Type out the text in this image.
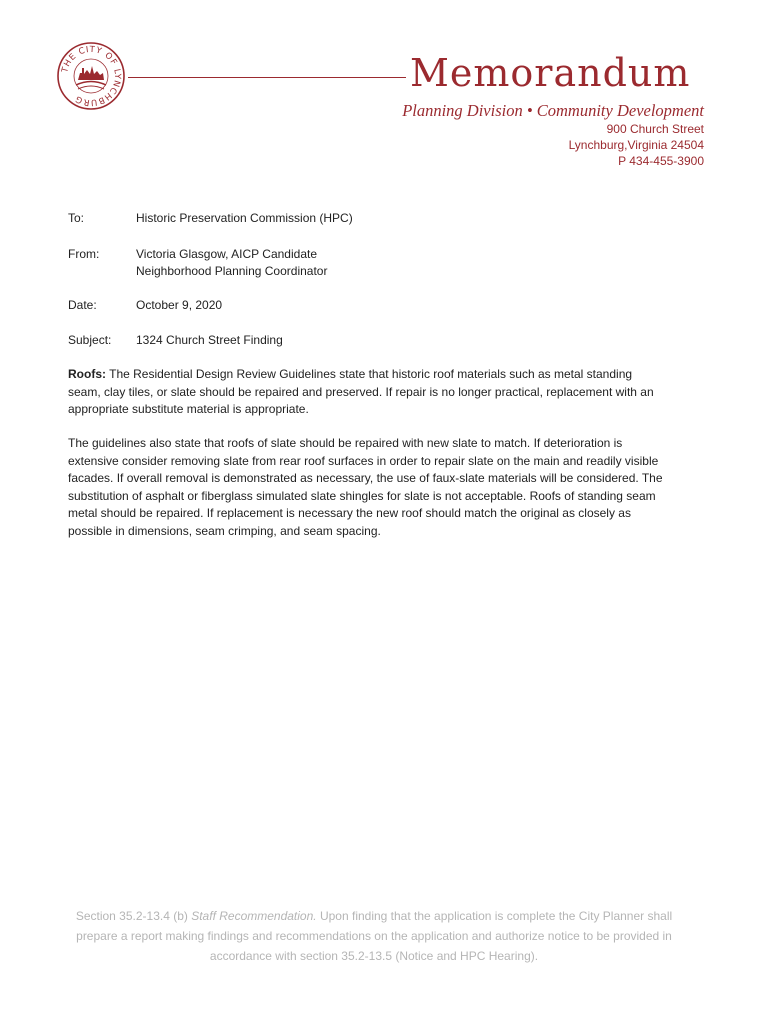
THE CITY OF LYNCHBURG
Memorandum
Planning Division • Community Development
900 Church Street
Lynchburg,Virginia 24504
P 434-455-3900
To:	Historic Preservation Commission (HPC)
From:	Victoria Glasgow, AICP Candidate
Neighborhood Planning Coordinator
Date:	October 9, 2020
Subject: 1324 Church Street Finding
Roofs: The Residential Design Review Guidelines state that historic roof materials such as metal standing seam, clay tiles, or slate should be repaired and preserved. If repair is no longer practical, replacement with an appropriate substitute material is appropriate.
The guidelines also state that roofs of slate should be repaired with new slate to match. If deterioration is extensive consider removing slate from rear roof surfaces in order to repair slate on the main and readily visible facades. If overall removal is demonstrated as necessary, the use of faux-slate materials will be considered. The substitution of asphalt or fiberglass simulated slate shingles for slate is not acceptable. Roofs of standing seam metal should be repaired. If replacement is necessary the new roof should match the original as closely as possible in dimensions, seam crimping, and seam spacing.
Section 35.2-13.4 (b) Staff Recommendation. Upon finding that the application is complete the City Planner shall prepare a report making findings and recommendations on the application and authorize notice to be provided in accordance with section 35.2-13.5 (Notice and HPC Hearing).
